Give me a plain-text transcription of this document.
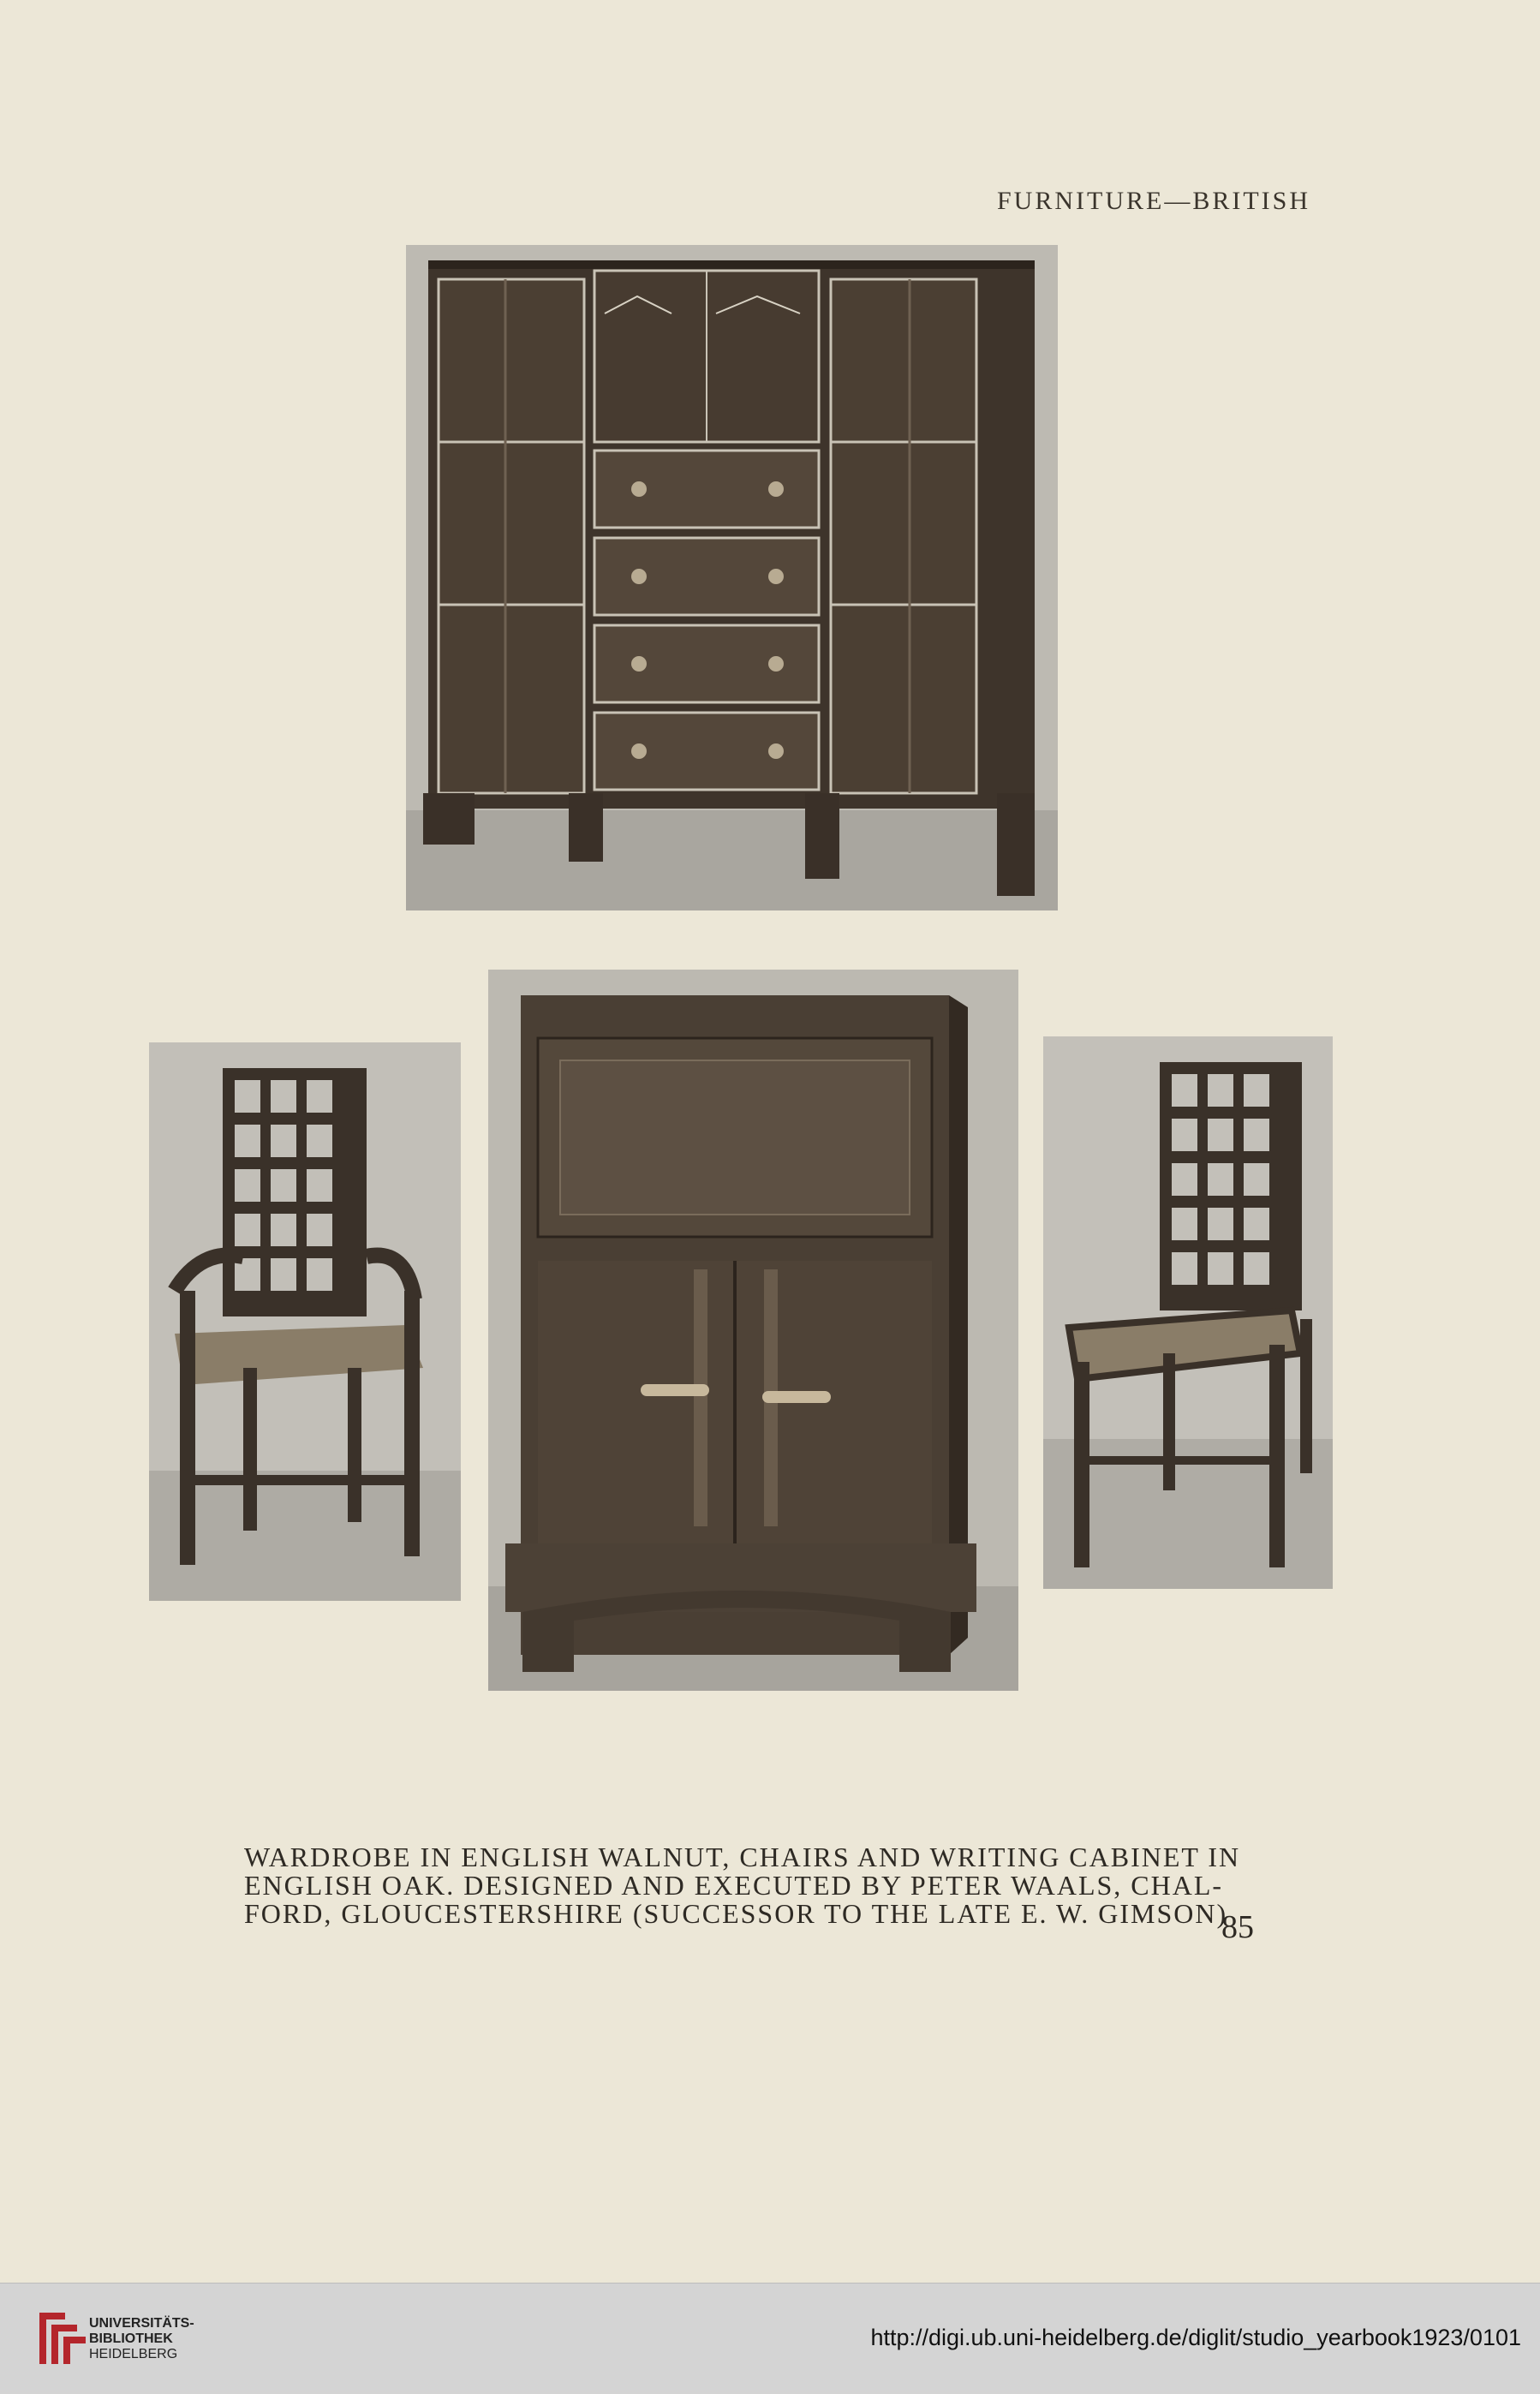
FURNITURE—BRITISH
WARDROBE IN ENGLISH WALNUT, CHAIRS AND WRITING CABINET IN
ENGLISH OAK. DESIGNED AND EXECUTED BY PETER WAALS, CHAL-
FORD, GLOUCESTERSHIRE (SUCCESSOR TO THE LATE E. W. GIMSON)
85
UNIVERSITÄTS-
BIBLIOTHEK
HEIDELBERG
http://digi.ub.uni-heidelberg.de/diglit/studio_yearbook1923/0101
